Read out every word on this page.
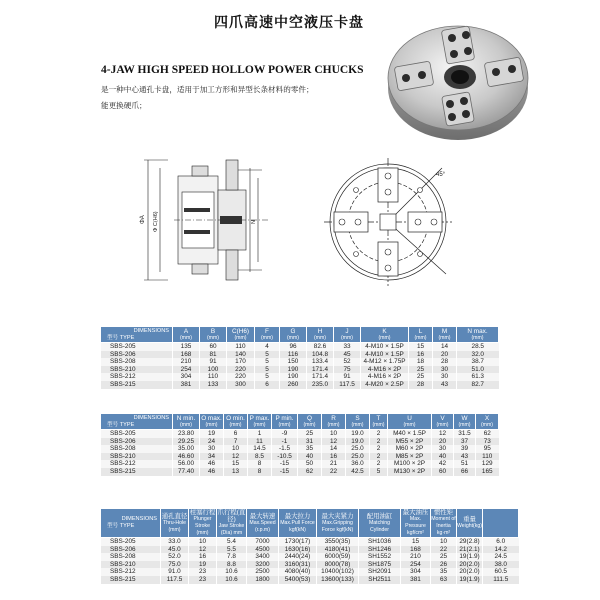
四爪高速中空液压卡盘
4-JAW HIGH SPEED HOLLOW POWER CHUCKS
是一种中心通孔卡盘，适用于加工方形和异型长条材料的零件；
能更换硬爪；
ΦA Φ C(H6)	N
45°
DIMENSIONS
型号 TYPE	A
(mm)	B
(mm)	C(H6)
(mm)	F
(mm)	G
(mm)	H
(mm)	J
(mm)	K
(mm)	L
(mm)	M
(mm)	N max.
(mm)

SBS-205	135	60	110	4	96	82.6	33	4-M10 × 1.5P	15	14	28.5
SBS-206	168	81	140	5	116	104.8	45	4-M10 × 1.5P	16	20	32.0
SBS-208	210	91	170	5	150	133.4	52	4-M12 × 1.75P	18	28	38.7
SBS-210	254	100	220	5	190	171.4	75	4-M16 × 2P	25	30	51.0
SBS-212	304	110	220	5	190	171.4	91	4-M16 × 2P	25	30	61.3
SBS-215	381	133	300	6	260	235.0	117.5	4-M20 × 2.5P	28	43	82.7
DIMENSIONS
型号 TYPE	N min.
(mm)	O max.
(mm)	O min.
(mm)	P max.
(mm)	P min.
(mm)	Q
(mm)	R
(mm)	S
(mm)	T
(mm)	U
(mm)	V
(mm)	W
(mm)	X
(mm)

SBS-205	23.80	19	6	1	-9	25	10	19.0	2	M40 × 1.5P	12	31.5	62
SBS-206	29.25	24	7	11	-1	31	12	19.0	2	M55 × 2P	20	37	73
SBS-208	35.00	30	10	14.5	-1.5	35	14	25.0	2	M60 × 2P	30	39	95
SBS-210	46.60	34	12	8.5	-10.5	40	16	25.0	2	M85 × 2P	40	43	110
SBS-212	56.00	46	15	8	-15	50	21	36.0	2	M100 × 2P	42	51	129
SBS-215	77.40	46	13	8	-15	62	22	42.5	5	M130 × 2P	60	66	165
DIMENSIONS
型号 TYPE	通孔直径
Thru-Hole (mm)	柱塞行程
Plunger Stroke (mm)	爪行程(直径)
Jaw Stroke (Dia) mm	最大转速
Max.Speed (r.p.m)	最大拉力
Max.Pull Force kgf(kN)	最大夹紧力
Max.Gripping Force kgf(kN)	配用油缸
Matching Cylinder	最大油压
Max. Pressure kgf/cm²	惯性矩
Moment of Inertia kg·m²	重量
Weight(kg)	

SBS-205	33.0	10	5.4	7000	1730(17)	3550(35)	SH1036	15	10	29(2.8)	6.0
SBS-206	45.0	12	5.5	4500	1630(16)	4180(41)	SH1246	168	22	21(2.1)	14.2
SBS-208	52.0	16	7.8	3400	2440(24)	6000(59)	SH1552	210	25	19(1.9)	24.5
SBS-210	75.0	19	8.8	3200	3160(31)	8000(78)	SH1875	254	26	20(2.0)	38.0
SBS-212	91.0	23	10.6	2500	4080(40)	10400(102)	SH2091	304	35	20(2.0)	60.5
SBS-215	117.5	23	10.6	1800	5400(53)	13600(133)	SH2511	381	63	19(1.9)	111.5
